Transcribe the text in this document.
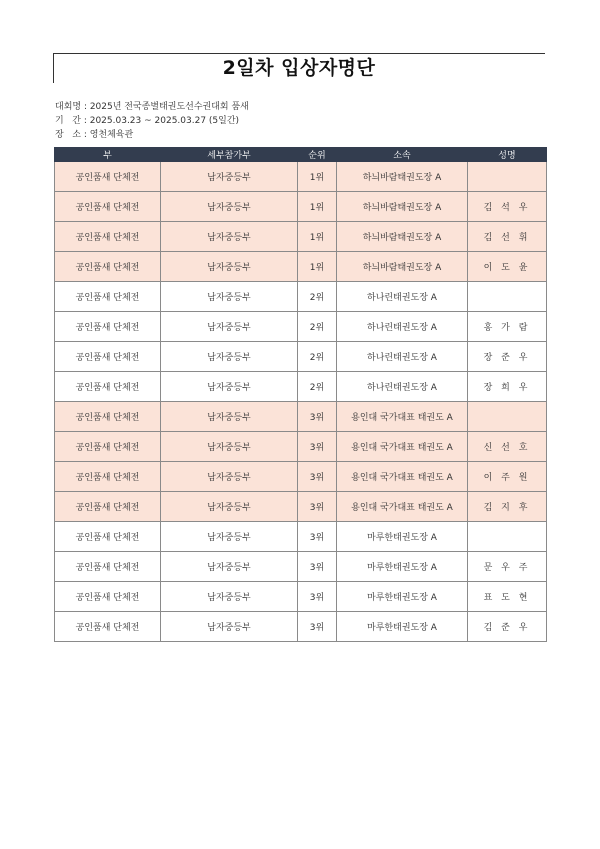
2일차 입상자명단
대회명 : 2025년 전국종별태권도선수권대회 품새
기   간 : 2025.03.23 ~ 2025.03.27 (5일간)
장   소 : 영천체육관
부	세부참가부	순위	소속	성명
공인품새 단체전	남자중등부	1위	하늬바람태권도장 A	
공인품새 단체전	남자중등부	1위	하늬바람태권도장 A	김 석 우
공인품새 단체전	남자중등부	1위	하늬바람태권도장 A	김 선 휘
공인품새 단체전	남자중등부	1위	하늬바람태권도장 A	이 도 윤
공인품새 단체전	남자중등부	2위	하나린태권도장 A	
공인품새 단체전	남자중등부	2위	하나린태권도장 A	홍 가 람
공인품새 단체전	남자중등부	2위	하나린태권도장 A	장 준 우
공인품새 단체전	남자중등부	2위	하나린태권도장 A	장 희 우
공인품새 단체전	남자중등부	3위	용인대 국가대표 태권도 A	
공인품새 단체전	남자중등부	3위	용인대 국가대표 태권도 A	신 선 호
공인품새 단체전	남자중등부	3위	용인대 국가대표 태권도 A	이 주 원
공인품새 단체전	남자중등부	3위	용인대 국가대표 태권도 A	김 지 후
공인품새 단체전	남자중등부	3위	마루한태권도장 A	
공인품새 단체전	남자중등부	3위	마루한태권도장 A	문 우 주
공인품새 단체전	남자중등부	3위	마루한태권도장 A	표 도 현
공인품새 단체전	남자중등부	3위	마루한태권도장 A	김 준 우
